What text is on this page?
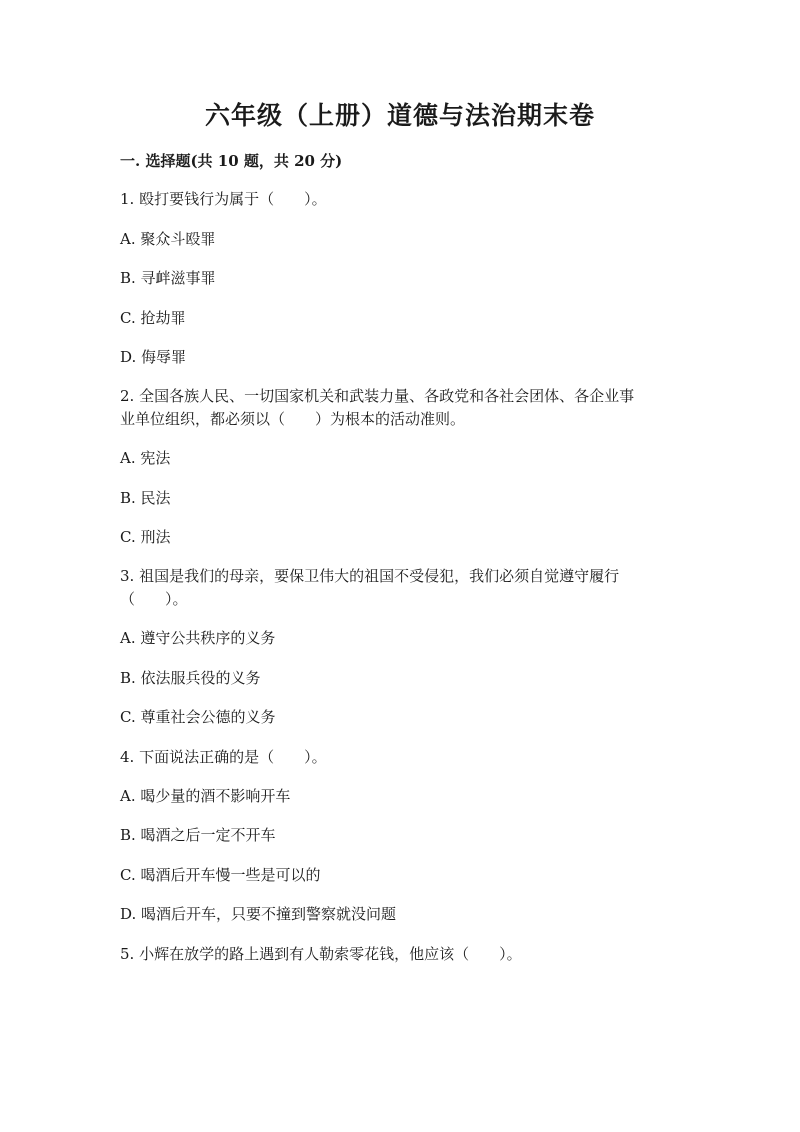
六年级（上册）道德与法治期末卷
一. 选择题(共 10 题，共 20 分)

1. 殴打要钱行为属于（　　）。

A. 聚众斗殴罪

B. 寻衅滋事罪

C. 抢劫罪

D. 侮辱罪

2. 全国各族人民、一切国家机关和武装力量、各政党和各社会团体、各企业事

业单位组织，都必须以（　　）为根本的活动准则。

A. 宪法

B. 民法

C. 刑法

3. 祖国是我们的母亲，要保卫伟大的祖国不受侵犯，我们必须自觉遵守履行

（　　）。

A. 遵守公共秩序的义务

B. 依法服兵役的义务

C. 尊重社会公德的义务

4. 下面说法正确的是（　　）。

A. 喝少量的酒不影响开车

B. 喝酒之后一定不开车

C. 喝酒后开车慢一些是可以的

D. 喝酒后开车，只要不撞到警察就没问题

5. 小辉在放学的路上遇到有人勒索零花钱，他应该（　　）。
